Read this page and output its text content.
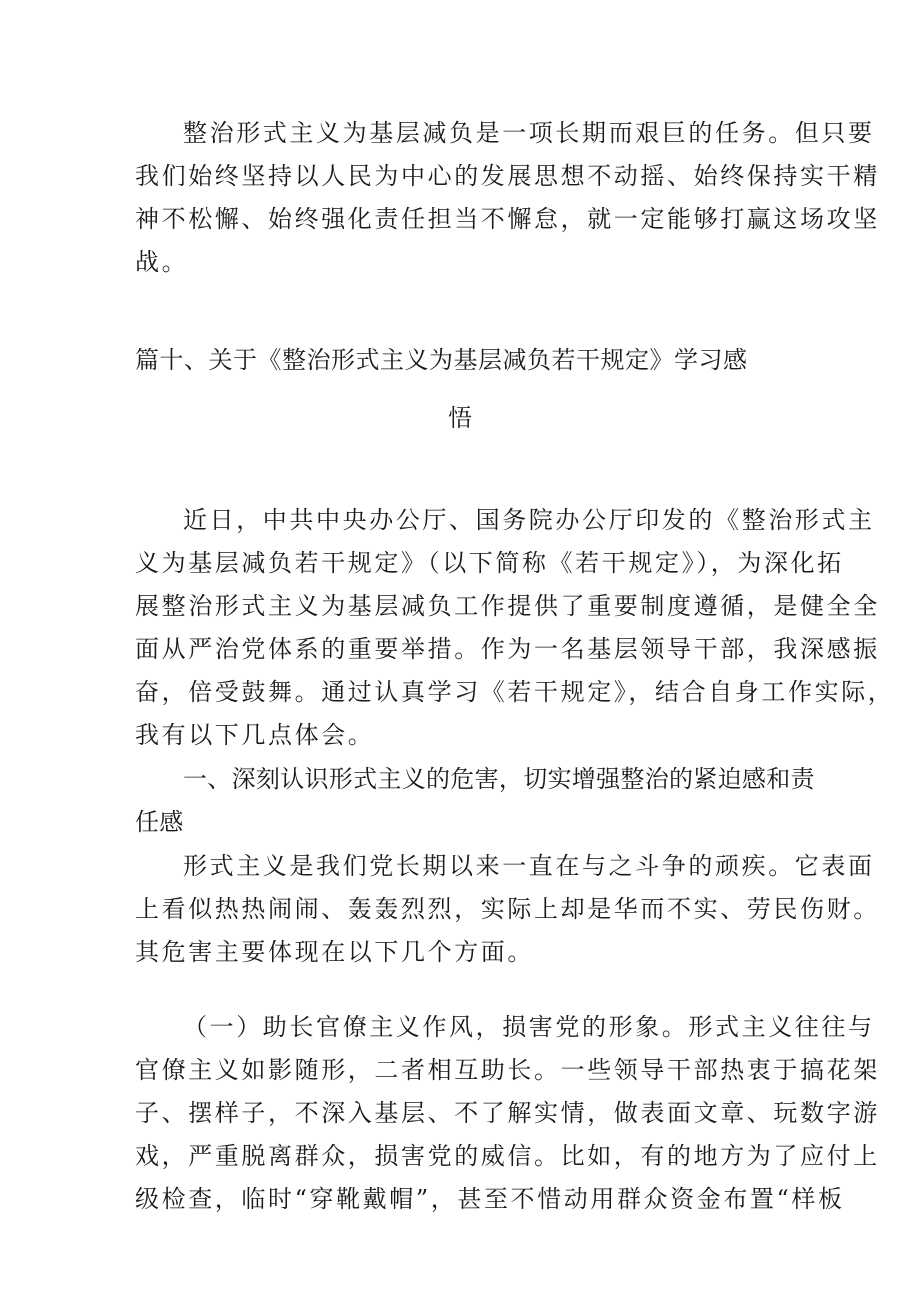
整治形式主义为基层减负是一项长期而艰巨的任务。但只要
我们始终坚持以人民为中心的发展思想不动摇、始终保持实干精
神不松懈、始终强化责任担当不懈怠，就一定能够打赢这场攻坚
战。
篇十、关于《整治形式主义为基层减负若干规定》学习感
悟
近日，中共中央办公厅、国务院办公厅印发的《整治形式主
义为基层减负若干规定》（以下简称《若干规定》），为深化拓
展整治形式主义为基层减负工作提供了重要制度遵循，是健全全
面从严治党体系的重要举措。作为一名基层领导干部，我深感振
奋，倍受鼓舞。通过认真学习《若干规定》，结合自身工作实际，
我有以下几点体会。
一、深刻认识形式主义的危害，切实增强整治的紧迫感和责
任感
形式主义是我们党长期以来一直在与之斗争的顽疾。它表面
上看似热热闹闹、轰轰烈烈，实际上却是华而不实、劳民伤财。
其危害主要体现在以下几个方面。
（一）助长官僚主义作风，损害党的形象。形式主义往往与
官僚主义如影随形，二者相互助长。一些领导干部热衷于搞花架
子、摆样子，不深入基层、不了解实情，做表面文章、玩数字游
戏，严重脱离群众，损害党的威信。比如，有的地方为了应付上
级检查，临时“穿靴戴帽”，甚至不惜动用群众资金布置“样板
